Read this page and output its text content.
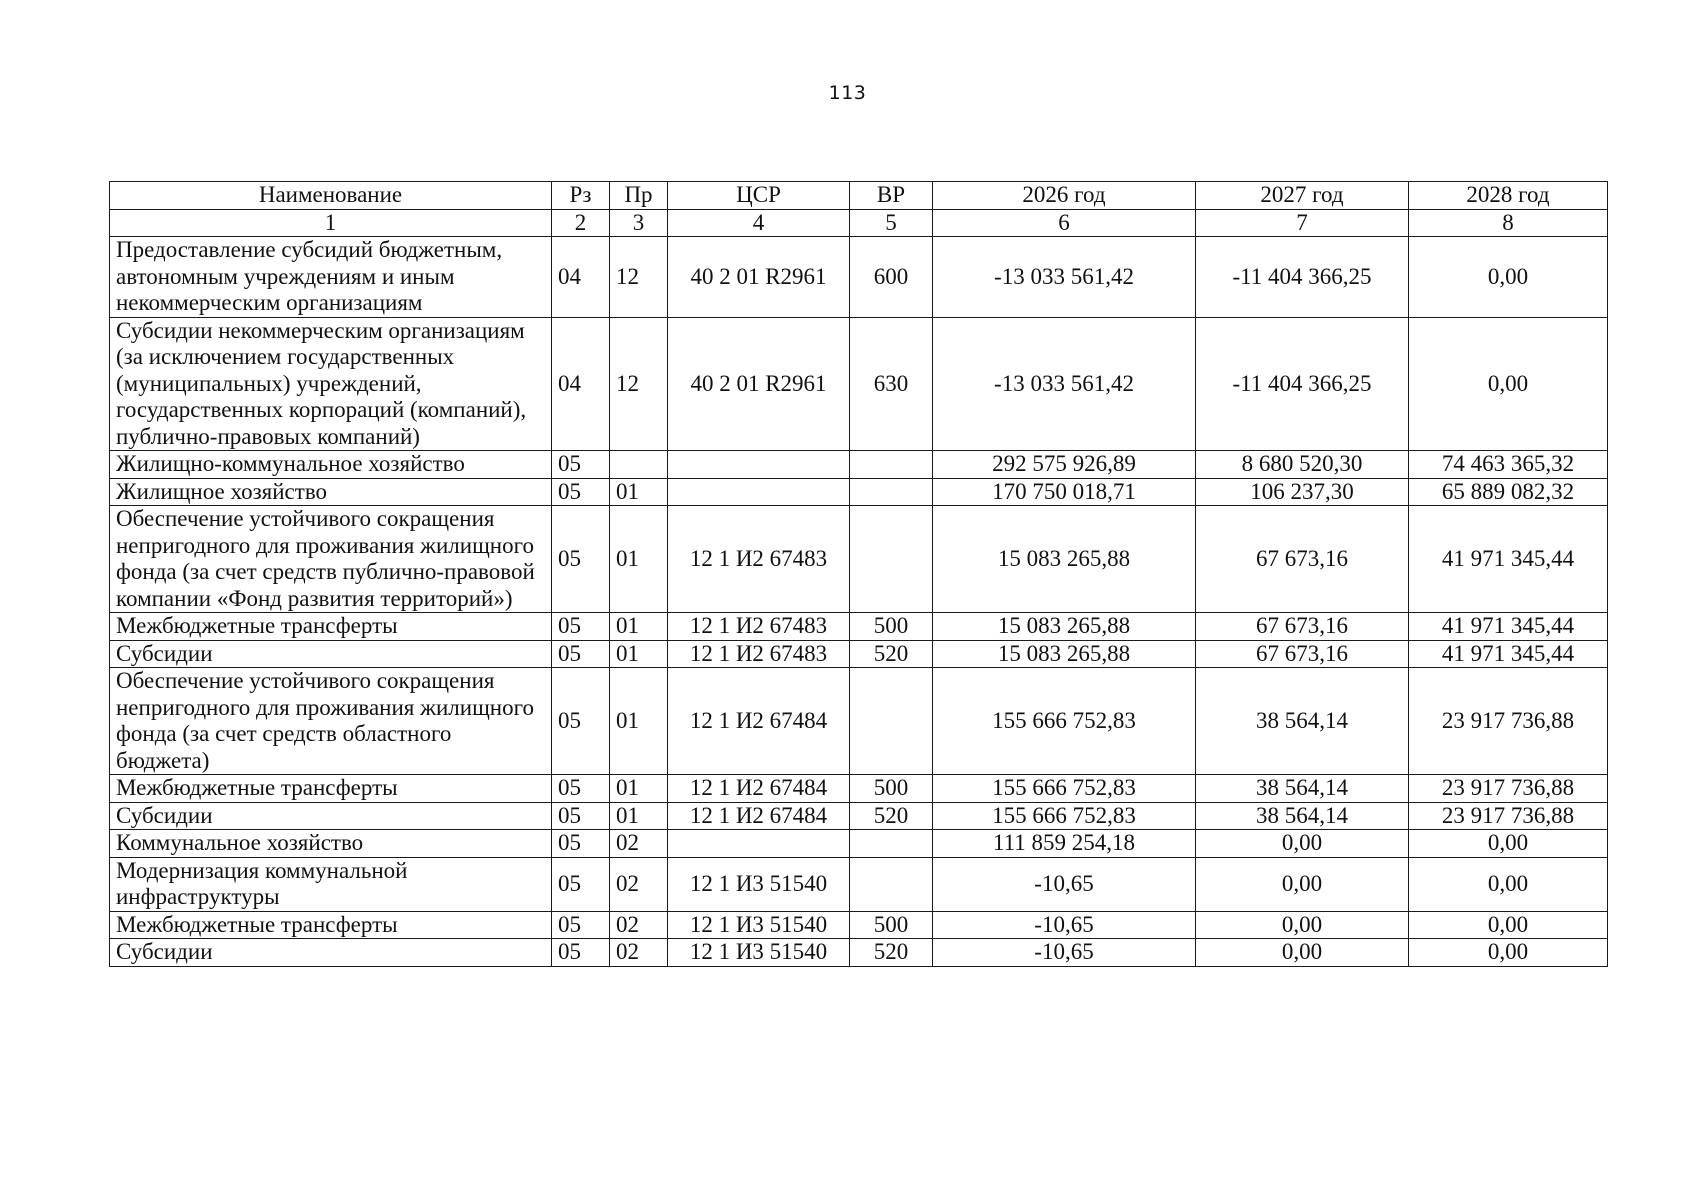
113
Наименование	Рз	Пр	ЦСР	ВР	2026 год	2027 год	2028 год
1	2	3	4	5	6	7	8
Предоставление субсидий бюджетным, автономным учреждениям и иным некоммерческим организациям	04	12	40 2 01 R2961	600	-13 033 561,42	-11 404 366,25	0,00
Субсидии некоммерческим организациям (за исключением государственных (муниципальных) учреждений, государственных корпораций (компаний), публично-правовых компаний)	04	12	40 2 01 R2961	630	-13 033 561,42	-11 404 366,25	0,00
Жилищно-коммунальное хозяйство	05				292 575 926,89	8 680 520,30	74 463 365,32
Жилищное хозяйство	05	01			170 750 018,71	106 237,30	65 889 082,32
Обеспечение устойчивого сокращения непригодного для проживания жилищного фонда (за счет средств публично-правовой компании «Фонд развития территорий»)	05	01	12 1 И2 67483		15 083 265,88	67 673,16	41 971 345,44
Межбюджетные трансферты	05	01	12 1 И2 67483	500	15 083 265,88	67 673,16	41 971 345,44
Субсидии	05	01	12 1 И2 67483	520	15 083 265,88	67 673,16	41 971 345,44
Обеспечение устойчивого сокращения непригодного для проживания жилищного фонда (за счет средств областного бюджета)	05	01	12 1 И2 67484		155 666 752,83	38 564,14	23 917 736,88
Межбюджетные трансферты	05	01	12 1 И2 67484	500	155 666 752,83	38 564,14	23 917 736,88
Субсидии	05	01	12 1 И2 67484	520	155 666 752,83	38 564,14	23 917 736,88
Коммунальное хозяйство	05	02			111 859 254,18	0,00	0,00
Модернизация коммунальной инфраструктуры	05	02	12 1 И3 51540		-10,65	0,00	0,00
Межбюджетные трансферты	05	02	12 1 И3 51540	500	-10,65	0,00	0,00
Субсидии	05	02	12 1 И3 51540	520	-10,65	0,00	0,00
